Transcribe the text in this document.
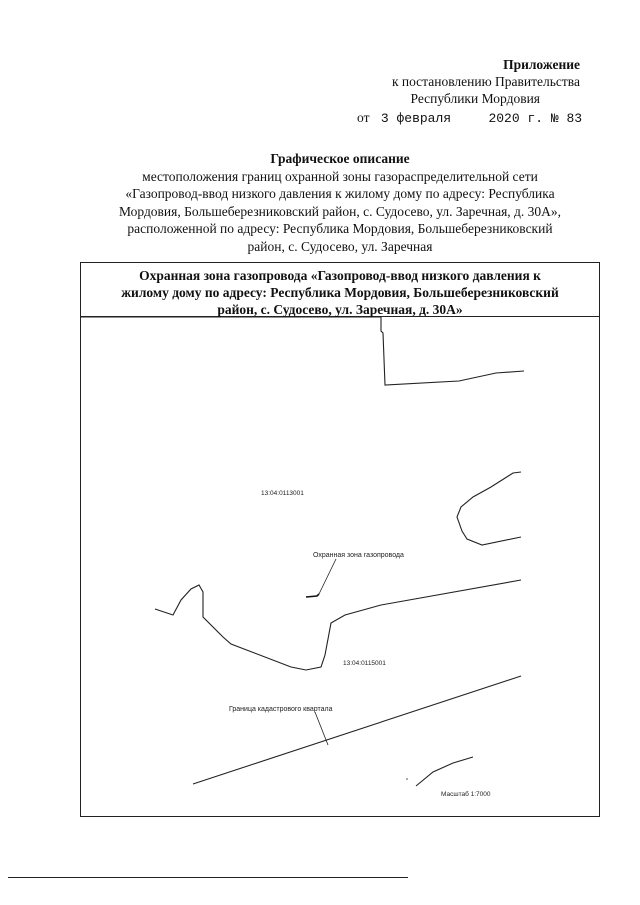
Приложение
к постановлению Правительства
Республики Мордовия
от 3 февраля	2020 г. № 83
Графическое описание
местоположения границ охранной зоны газораспределительной сети
«Газопровод-ввод низкого давления к жилому дому по адресу: Республика
Мордовия, Большеберезниковский район, с. Судосево, ул. Заречная, д. 30А»,
расположенной по адресу: Республика Мордовия, Большеберезниковский
район, с. Судосево, ул. Заречная
Охранная зона газопровода «Газопровод-ввод низкого давления к
жилому дому по адресу: Республика Мордовия, Большеберезниковский
район, с. Судосево, ул. Заречная, д. 30А»
13:04:0113001
13:04:0115001
Охранная зона газопровода
Граница кадастрового квартала
Масштаб 1:7000
